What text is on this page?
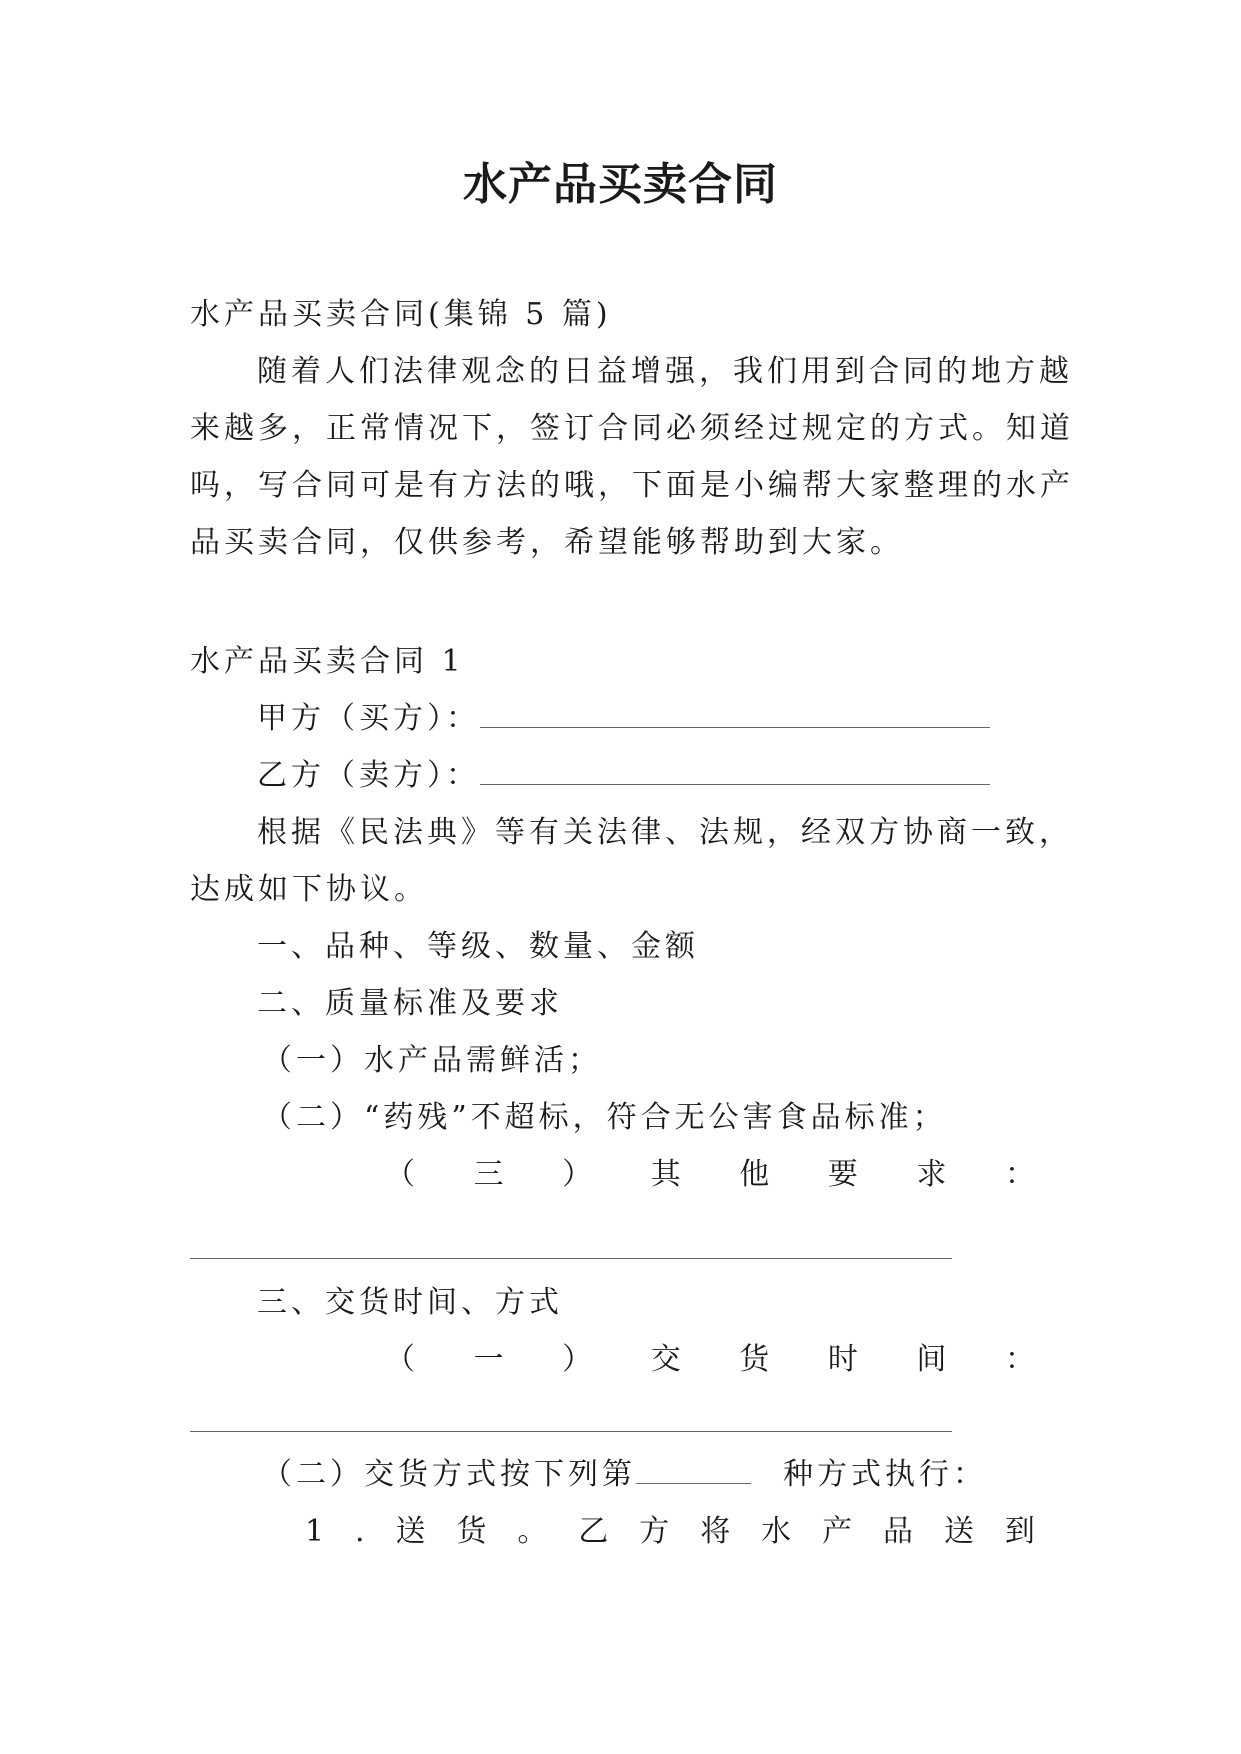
水产品买卖合同
水产品买卖合同(集锦 5 篇)
随着人们法律观念的日益增强，我们用到合同的地方越
来越多，正常情况下，签订合同必须经过规定的方式。知道
吗，写合同可是有方法的哦，下面是小编帮大家整理的水产
品买卖合同，仅供参考，希望能够帮助到大家。
水产品买卖合同 1
甲方（买方）：
乙方（卖方）：
根据《民法典》等有关法律、法规，经双方协商一致，
达成如下协议。
一、品种、等级、数量、金额
二、质量标准及要求
（一）水产品需鲜活；
（二）“药残”不超标，符合无公害食品标准；
（ 三 ） 其 他 要 求 ：
三、交货时间、方式
（ 一 ） 交 货 时 间 ：
（二）交货方式按下列第	种方式执行：
1 . 送 货 。 乙 方 将 水 产 品 送 到
